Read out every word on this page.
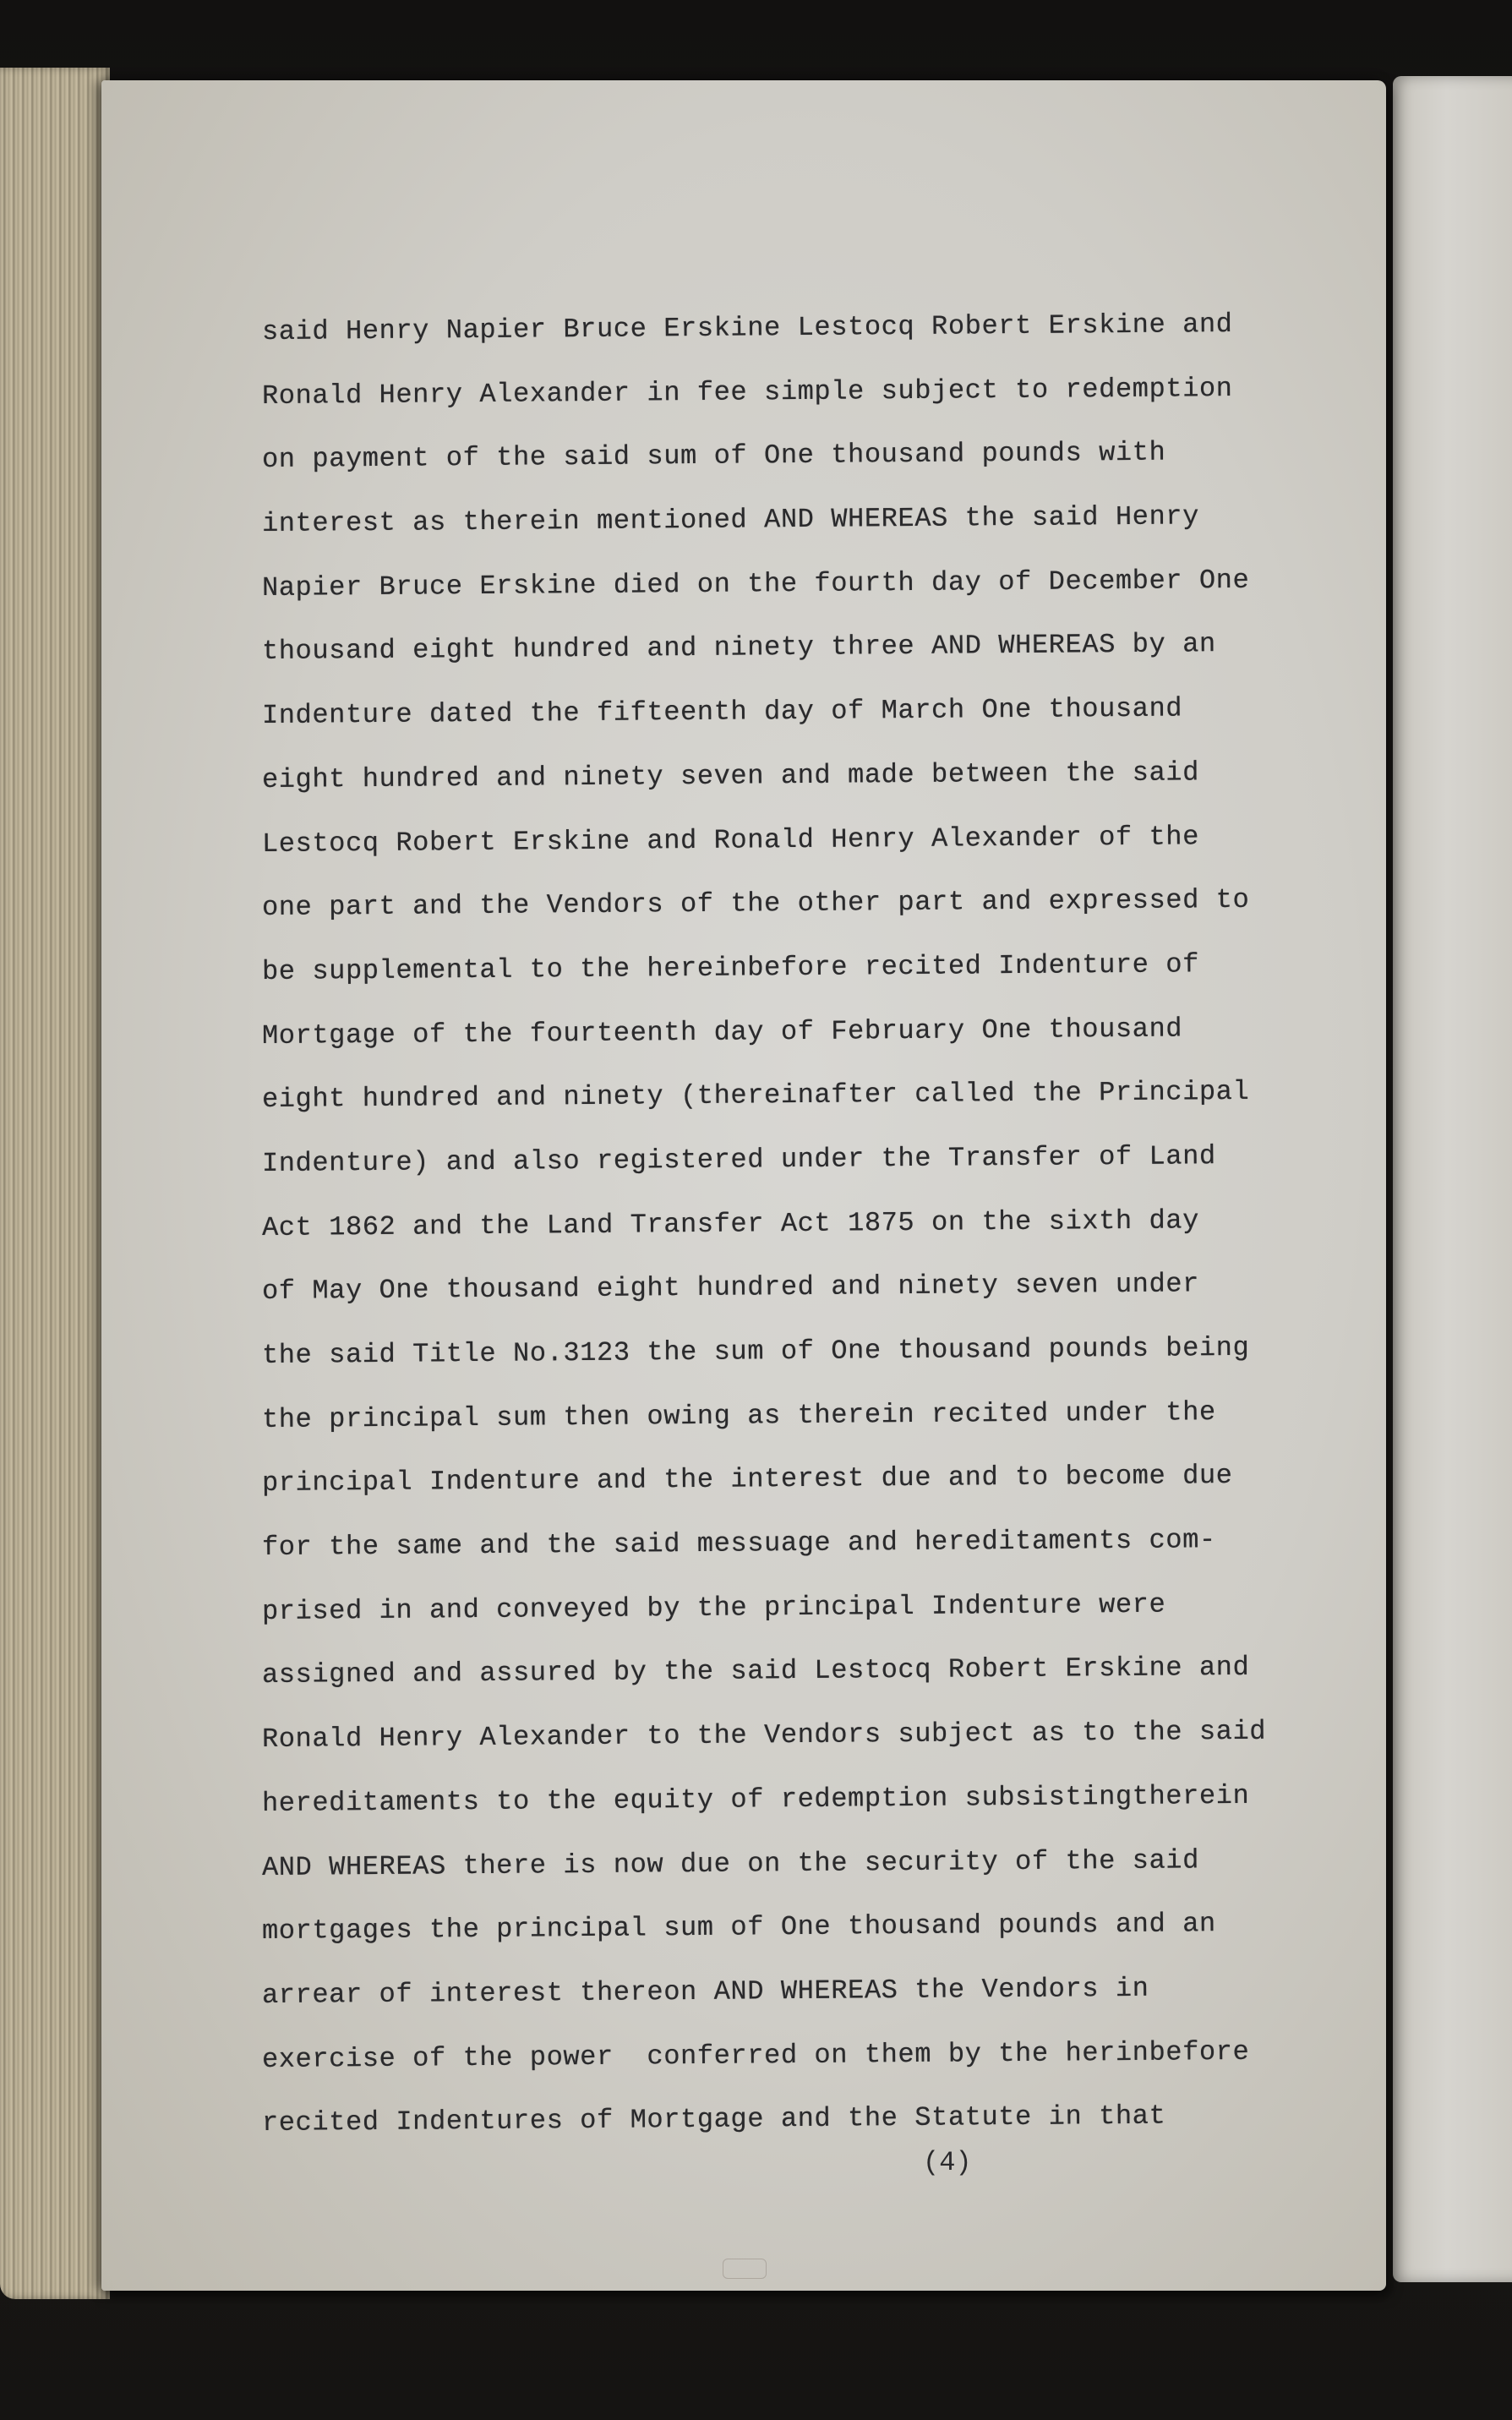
said Henry Napier Bruce Erskine Lestocq Robert Erskine and
Ronald Henry Alexander in fee simple subject to redemption
on payment of the said sum of One thousand pounds with
interest as therein mentioned AND WHEREAS the said Henry
Napier Bruce Erskine died on the fourth day of December One
thousand eight hundred and ninety three AND WHEREAS by an
Indenture dated the fifteenth day of March One thousand
eight hundred and ninety seven and made between the said
Lestocq Robert Erskine and Ronald Henry Alexander of the
one part and the Vendors of the other part and expressed to
be supplemental to the hereinbefore recited Indenture of
Mortgage of the fourteenth day of February One thousand
eight hundred and ninety (thereinafter called the Principal
Indenture) and also registered under the Transfer of Land
Act 1862 and the Land Transfer Act 1875 on the sixth day
of May One thousand eight hundred and ninety seven under
the said Title No.3123 the sum of One thousand pounds being
the principal sum then owing as therein recited under the
principal Indenture and the interest due and to become due
for the same and the said messuage and hereditaments com-
prised in and conveyed by the principal Indenture were
assigned and assured by the said Lestocq Robert Erskine and
Ronald Henry Alexander to the Vendors subject as to the said
hereditaments to the equity of redemption subsistingtherein
AND WHEREAS there is now due on the security of the said
mortgages the principal sum of One thousand pounds and an
arrear of interest thereon AND WHEREAS the Vendors in
exercise of the power  conferred on them by the herinbefore
recited Indentures of Mortgage and the Statute in that
(4)
